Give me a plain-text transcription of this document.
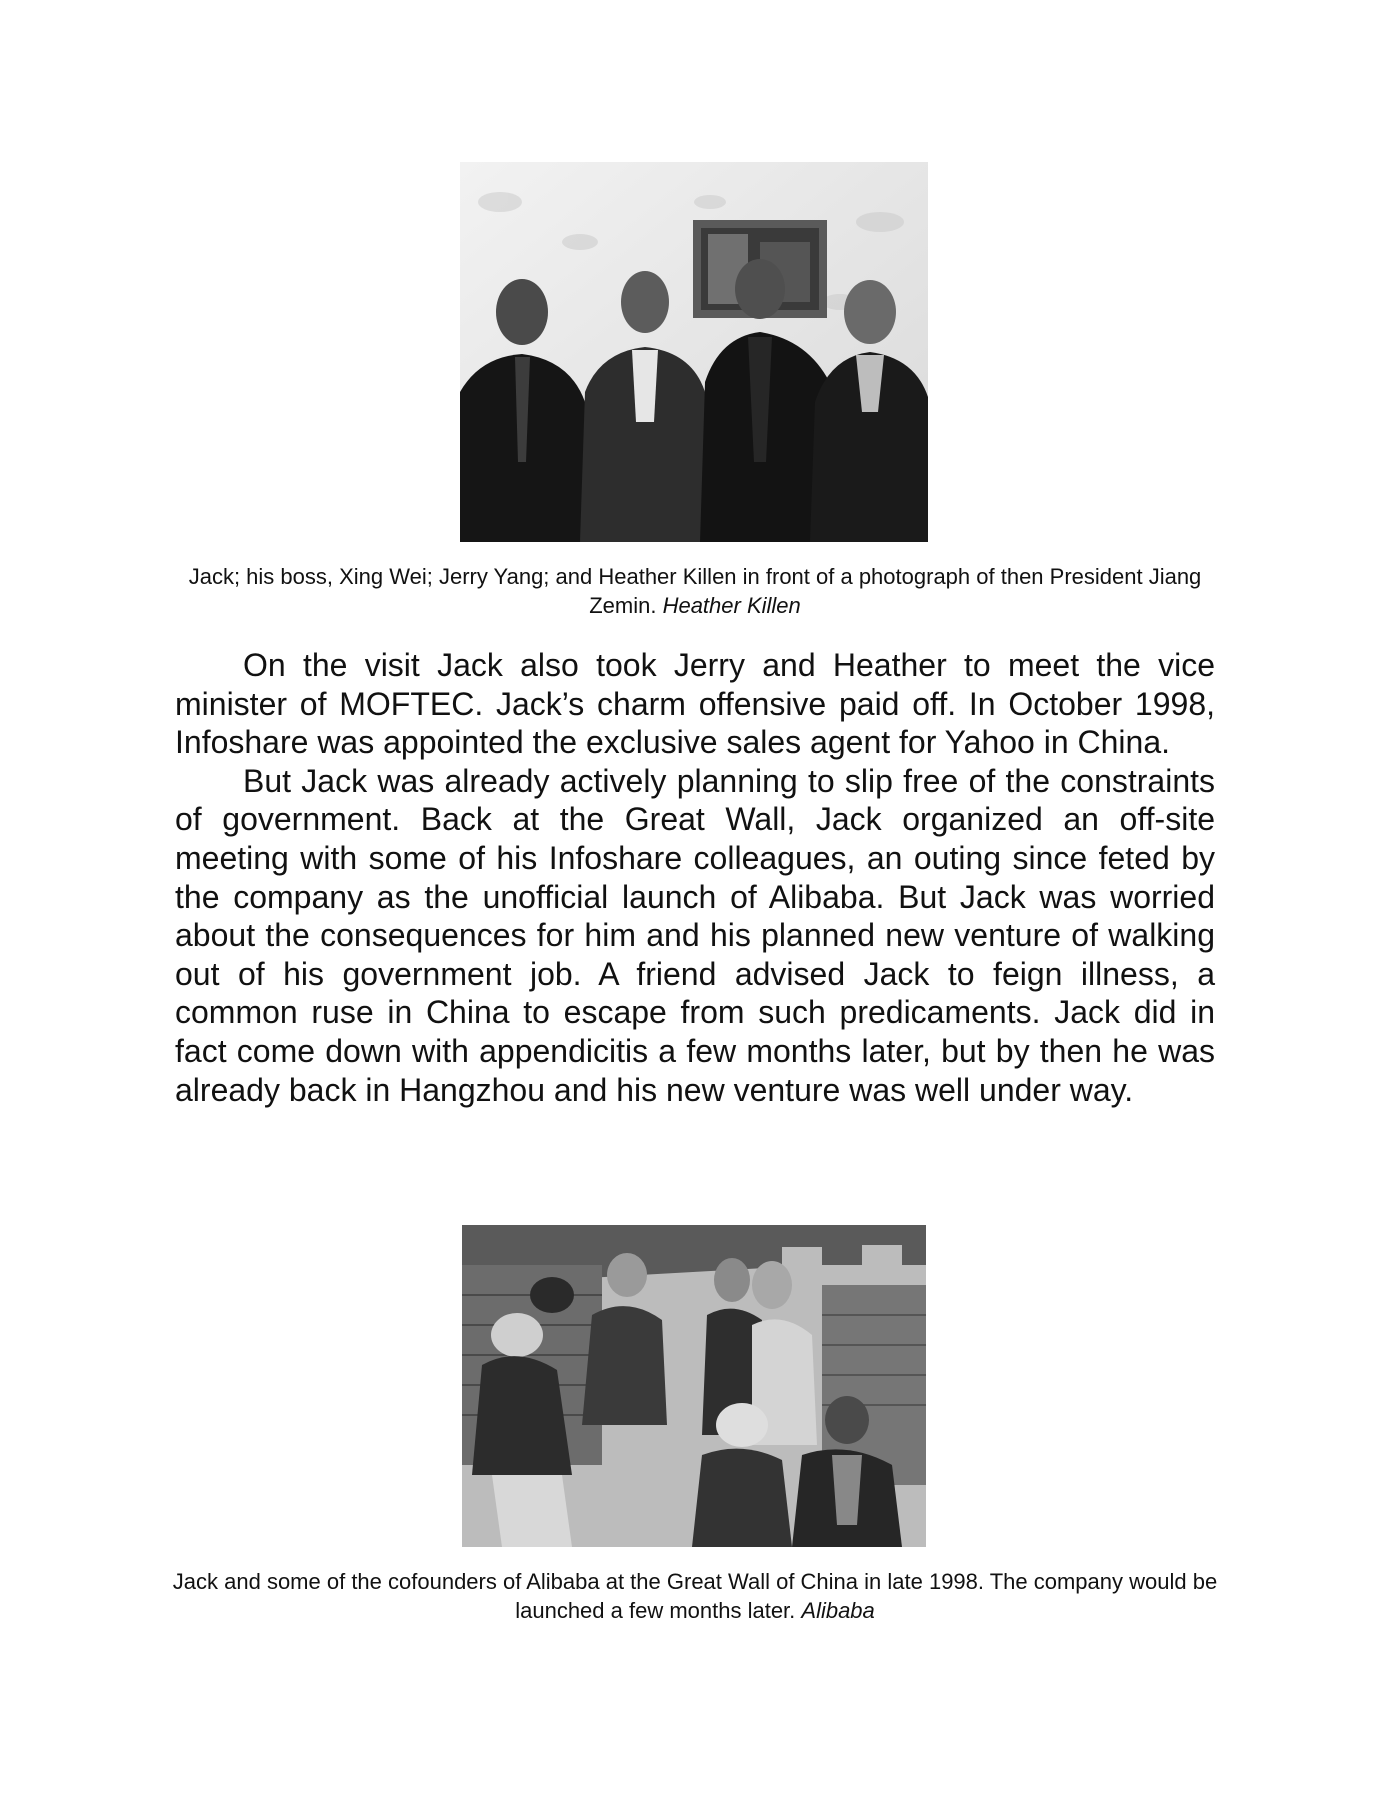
Jack; his boss, Xing Wei; Jerry Yang; and Heather Killen in front of a photograph of then President Jiang Zemin. Heather Killen

On the visit Jack also took Jerry and Heather to meet the vice minister of MOFTEC. Jack’s charm offensive paid off. In October 1998, Infoshare was appointed the exclusive sales agent for Yahoo in China.

But Jack was already actively planning to slip free of the constraints of government. Back at the Great Wall, Jack organized an off-site meeting with some of his Infoshare colleagues, an outing since feted by the company as the unofficial launch of Alibaba. But Jack was worried about the consequences for him and his planned new venture of walking out of his government job. A friend advised Jack to feign illness, a common ruse in China to escape from such predicaments. Jack did in fact come down with appendicitis a few months later, but by then he was already back in Hangzhou and his new venture was well under way.

Jack and some of the cofounders of Alibaba at the Great Wall of China in late 1998. The company would be launched a few months later. Alibaba
